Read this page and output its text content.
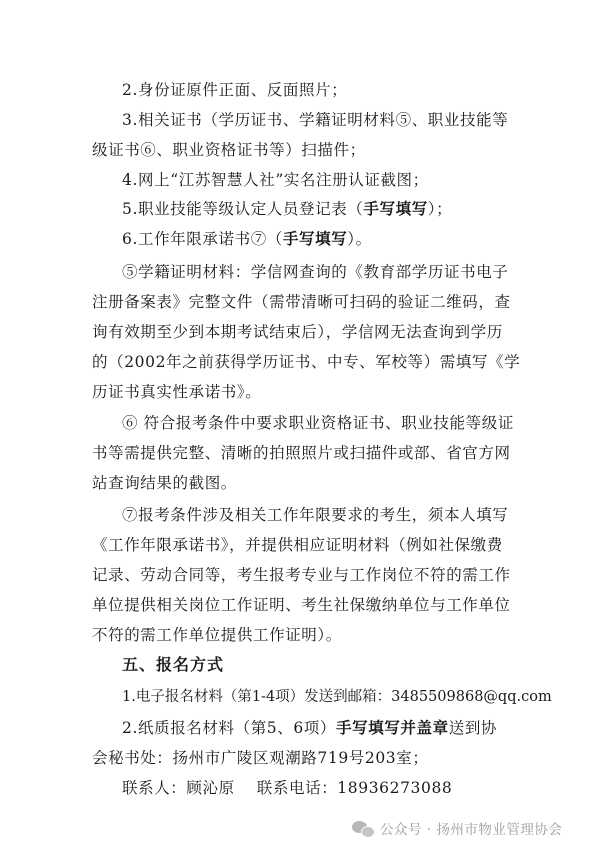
2.身份证原件正面、反面照片；
3.相关证书（学历证书、学籍证明材料⑤、职业技能等
级证书⑥、职业资格证书等）扫描件；
4.网上“江苏智慧人社”实名注册认证截图；
5.职业技能等级认定人员登记表（手写填写）；
6.工作年限承诺书⑦（手写填写）。
⑤学籍证明材料：学信网查询的《教育部学历证书电子
注册备案表》完整文件（需带清晰可扫码的验证二维码，查
询有效期至少到本期考试结束后），学信网无法查询到学历
的（2002年之前获得学历证书、中专、军校等）需填写《学
历证书真实性承诺书》。
⑥ 符合报考条件中要求职业资格证书、职业技能等级证
书等需提供完整、清晰的拍照照片或扫描件或部、省官方网
站查询结果的截图。
⑦报考条件涉及相关工作年限要求的考生，须本人填写
《工作年限承诺书》，并提供相应证明材料（例如社保缴费
记录、劳动合同等，考生报考专业与工作岗位不符的需工作
单位提供相关岗位工作证明、考生社保缴纳单位与工作单位
不符的需工作单位提供工作证明）。
五、报名方式
1.电子报名材料（第1-4项）发送到邮箱：3485509868@qq.com
2.纸质报名材料（第5、6项）手写填写并盖章送到协
会秘书处：扬州市广陵区观潮路719号203室；
联系人：顾沁原    联系电话：18936273088
公众号 · 扬州市物业管理协会
